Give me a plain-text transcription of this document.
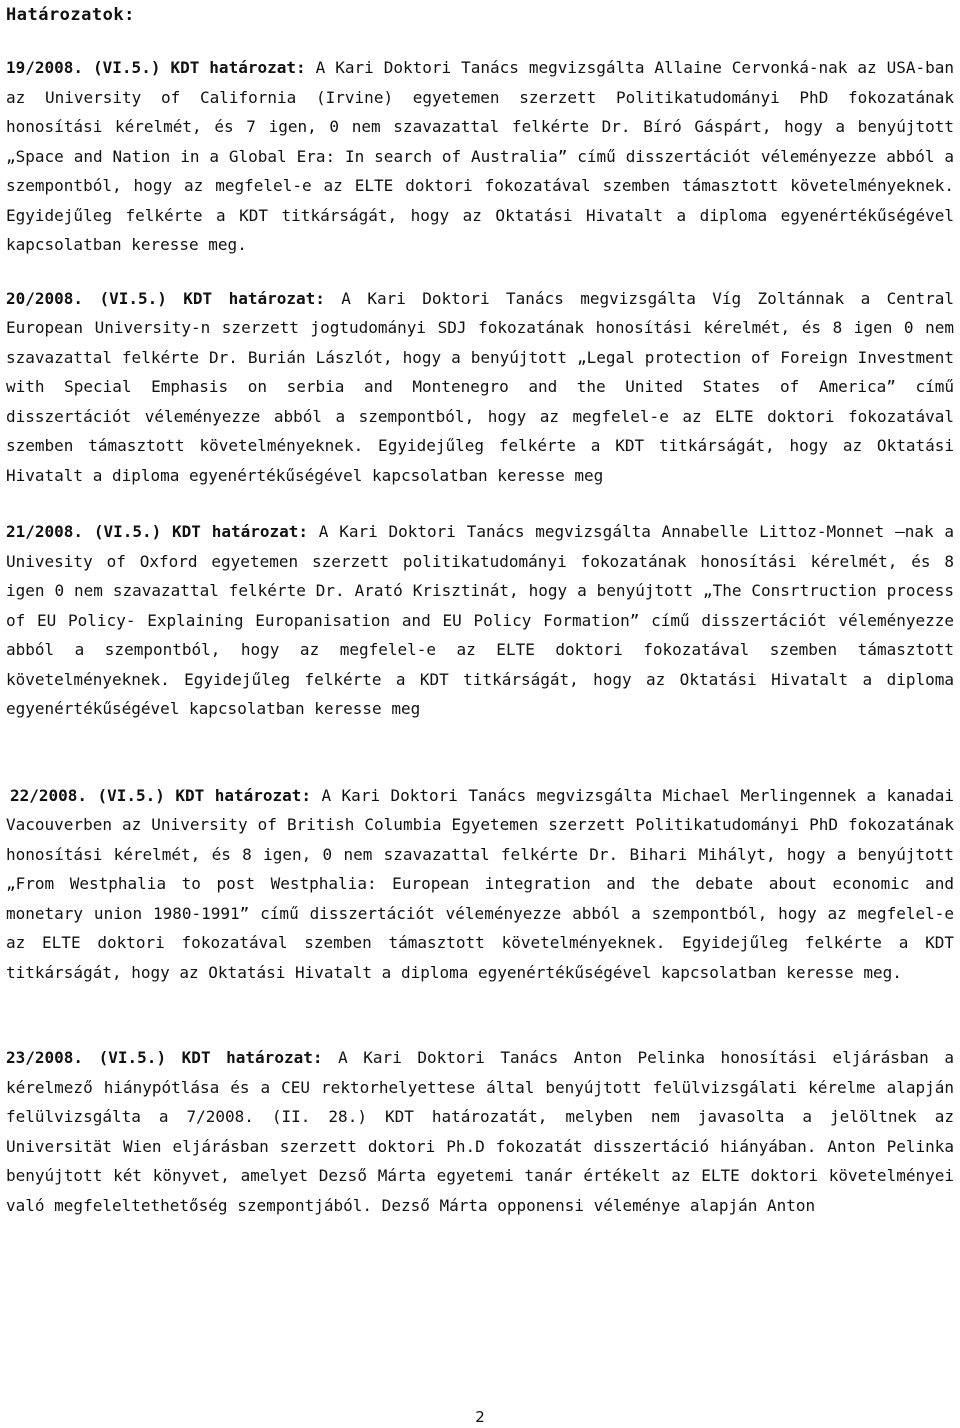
Határozatok:

19/2008. (VI.5.) KDT határozat: A Kari Doktori Tanács megvizsgálta Allaine Cervonká-nak az USA-ban az University of California (Irvine) egyetemen szerzett Politikatudományi PhD fokozatának honosítási kérelmét, és 7 igen, 0 nem szavazattal felkérte Dr. Bíró Gáspárt, hogy a benyújtott „Space and Nation in a Global Era: In search of Australia” című disszertációt véleményezze abból a szempontból, hogy az megfelel-e az ELTE doktori fokozatával szemben támasztott követelményeknek. Egyidejűleg felkérte a KDT titkárságát, hogy az Oktatási Hivatalt a diploma egyenértékűségével kapcsolatban keresse meg.

20/2008. (VI.5.) KDT határozat: A Kari Doktori Tanács megvizsgálta Víg Zoltánnak a Central European University-n szerzett jogtudományi SDJ fokozatának honosítási kérelmét, és 8 igen 0 nem szavazattal felkérte Dr. Burián Lászlót, hogy a benyújtott „Legal protection of Foreign Investment with Special Emphasis on serbia and Montenegro and the United States of America” című disszertációt véleményezze abból a szempontból, hogy az megfelel-e az ELTE doktori fokozatával szemben támasztott követelményeknek. Egyidejűleg felkérte a KDT titkárságát, hogy az Oktatási Hivatalt a diploma egyenértékűségével kapcsolatban keresse meg

21/2008. (VI.5.) KDT határozat: A Kari Doktori Tanács megvizsgálta Annabelle Littoz-Monnet –nak a Univesity of Oxford egyetemen szerzett politikatudományi fokozatának honosítási kérelmét, és 8 igen 0 nem szavazattal felkérte Dr. Arató Krisztinát, hogy a benyújtott „The Consrtruction process of EU Policy- Explaining Europanisation and EU Policy Formation” című disszertációt véleményezze abból a szempontból, hogy az megfelel-e az ELTE doktori fokozatával szemben támasztott követelményeknek. Egyidejűleg felkérte a KDT titkárságát, hogy az Oktatási Hivatalt a diploma egyenértékűségével kapcsolatban keresse meg

22/2008. (VI.5.) KDT határozat: A Kari Doktori Tanács megvizsgálta Michael Merlingennek a kanadai Vacouverben az University of British Columbia Egyetemen szerzett Politikatudományi PhD fokozatának honosítási kérelmét, és 8 igen, 0 nem szavazattal felkérte Dr. Bihari Mihályt, hogy a benyújtott „From Westphalia to post Westphalia: European integration and the debate about economic and monetary union 1980-1991” című disszertációt véleményezze abból a szempontból, hogy az megfelel-e az ELTE doktori fokozatával szemben támasztott követelményeknek. Egyidejűleg felkérte a KDT titkárságát, hogy az Oktatási Hivatalt a diploma egyenértékűségével kapcsolatban keresse meg.

23/2008. (VI.5.) KDT határozat: A Kari Doktori Tanács Anton Pelinka honosítási eljárásban a kérelmező hiánypótlása és a CEU rektorhelyettese által benyújtott felülvizsgálati kérelme alapján felülvizsgálta a 7/2008. (II. 28.) KDT határozatát, melyben nem javasolta a jelöltnek az Universität Wien eljárásban szerzett doktori Ph.D fokozatát disszertáció hiányában. Anton Pelinka benyújtott két könyvet, amelyet Dezső Márta egyetemi tanár értékelt az ELTE doktori követelményei való megfeleltethetőség szempontjából. Dezső Márta opponensi véleménye alapján Anton

2
